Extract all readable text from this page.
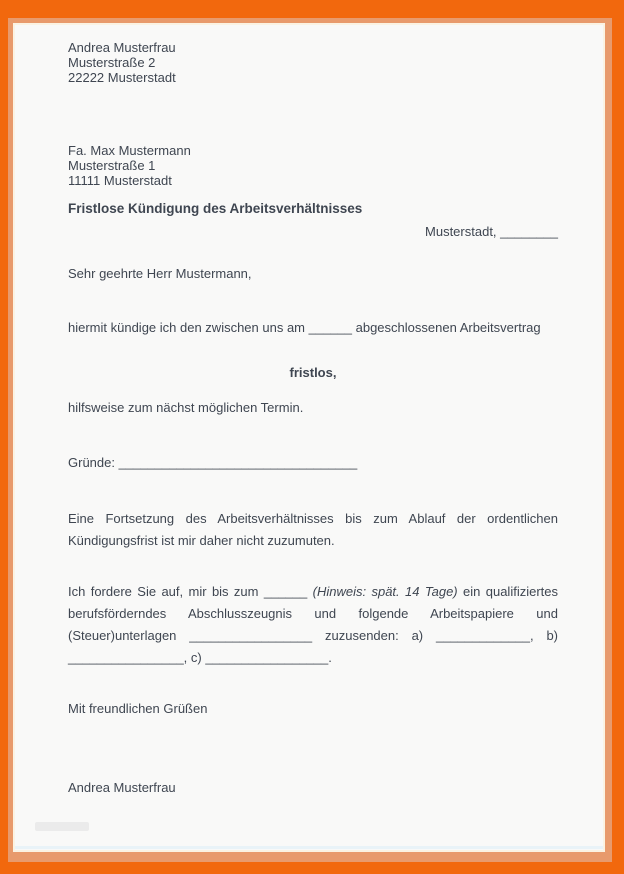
Andrea Musterfrau
Musterstraße 2
22222 Musterstadt
Fa. Max Mustermann
Musterstraße 1
11111 Musterstadt
Fristlose Kündigung des Arbeitsverhältnisses
Musterstadt, ________
Sehr geehrte Herr Mustermann,
hiermit kündige ich den zwischen uns am ______ abgeschlossenen Arbeitsvertrag
fristlos,
hilfsweise zum nächst möglichen Termin.
Gründe: _________________________________
Eine Fortsetzung des Arbeitsverhältnisses bis zum Ablauf der ordentlichen
Kündigungsfrist ist mir daher nicht zuzumuten.
Ich fordere Sie auf, mir bis zum ______ (Hinweis: spät. 14 Tage) ein qualifiziertes
berufsförderndes Abschlusszeugnis und folgende Arbeitspapiere und
(Steuer)unterlagen _________________ zuzusenden: a) _____________, b)
________________, c) _________________.
Mit freundlichen Grüßen
Andrea Musterfrau
